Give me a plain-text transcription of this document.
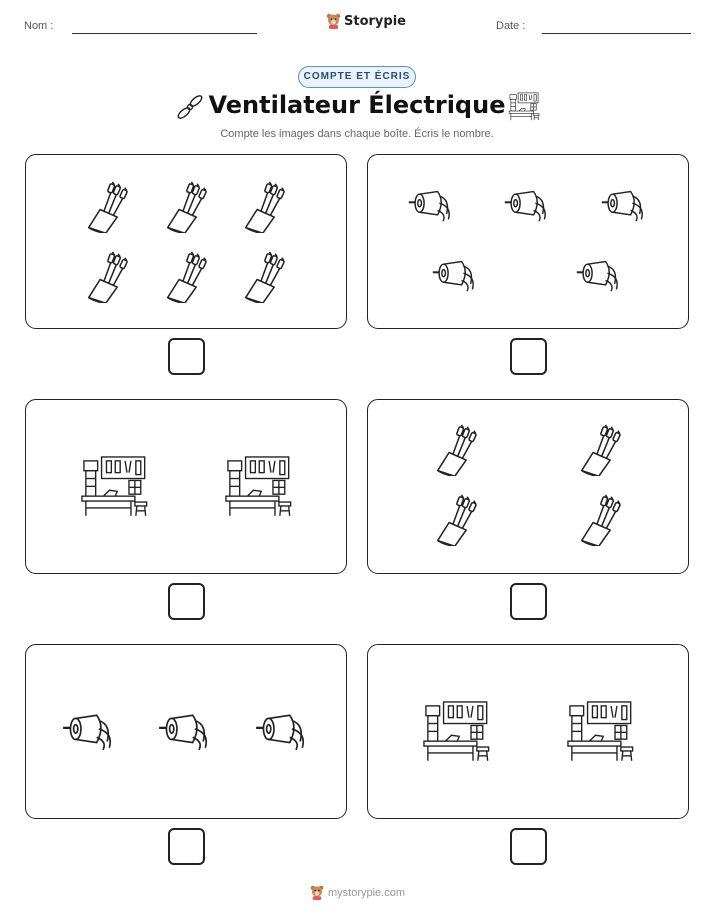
Nom :	Storypie	Date :
COMPTE ET ÉCRIS
Ventilateur Électrique
Compte les images dans chaque boîte. Écris le nombre.
mystorypie.com
